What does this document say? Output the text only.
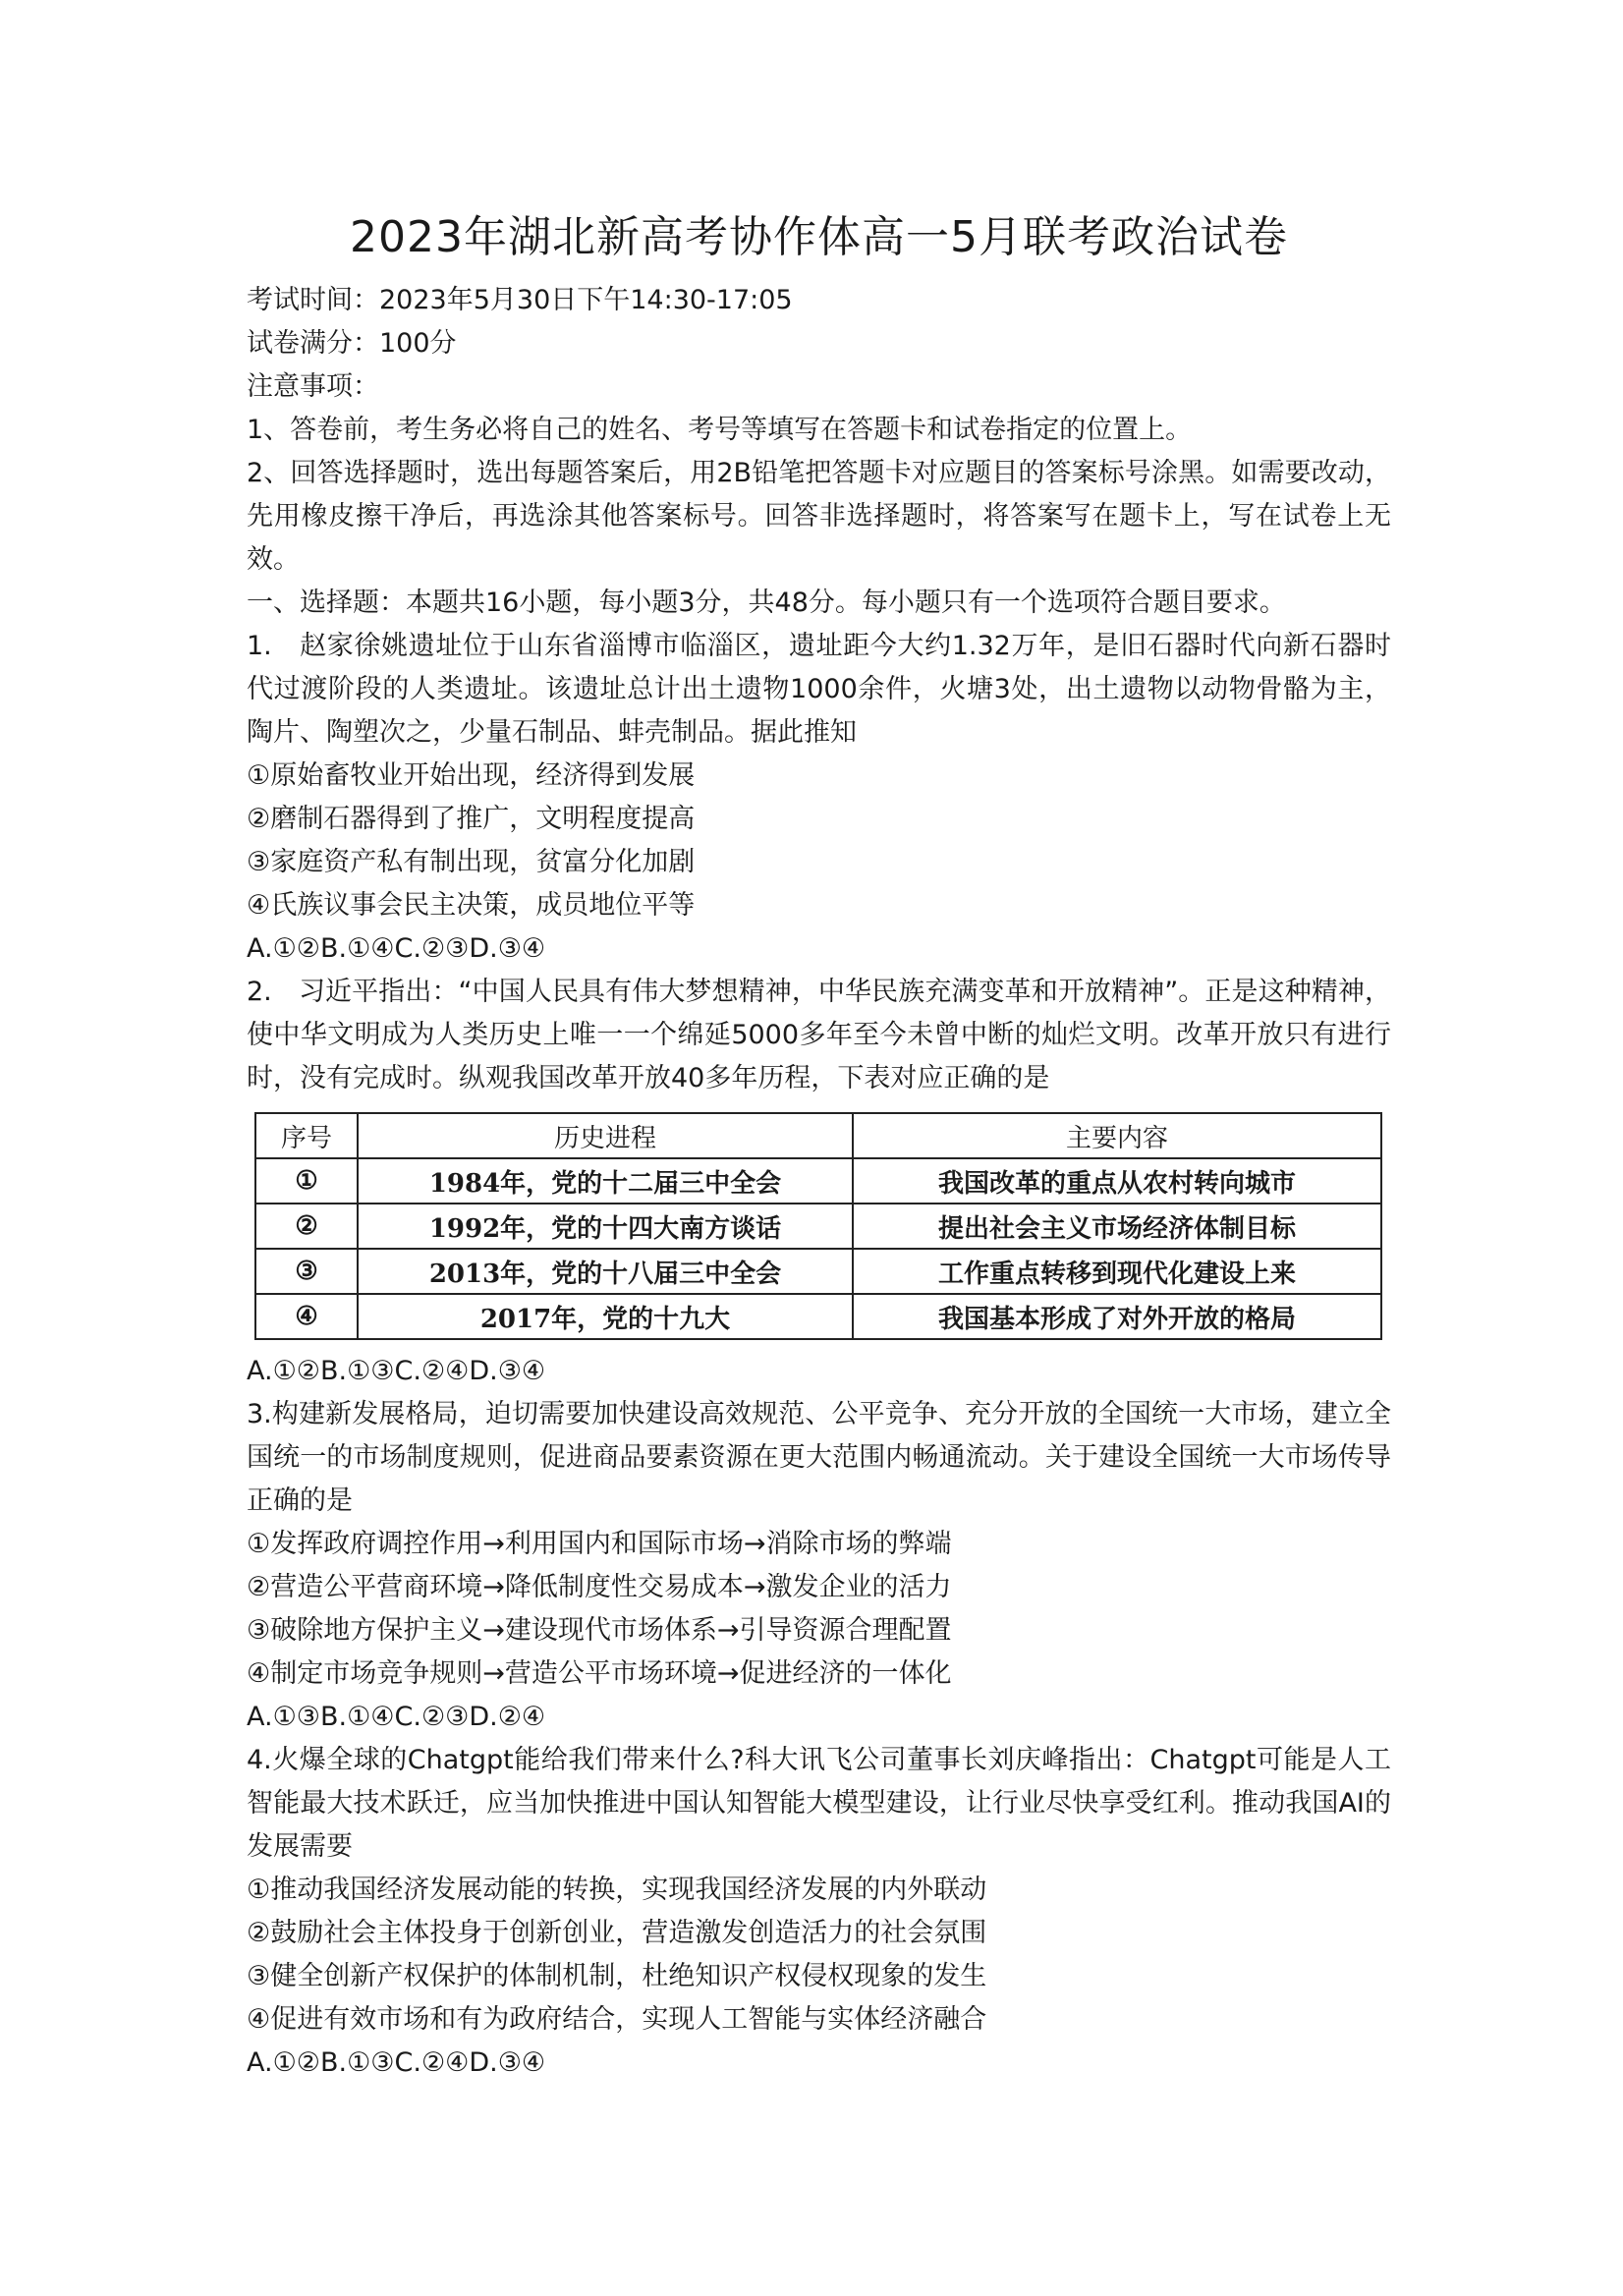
2023年湖北新高考协作体高一5月联考政治试卷

考试时间：2023年5月30日下午14:30-17:05

试卷满分：100分

注意事项：

1、答卷前，考生务必将自己的姓名、考号等填写在答题卡和试卷指定的位置上。

2、回答选择题时，选出每题答案后，用2B铅笔把答题卡对应题目的答案标号涂黑。如需要改动，先用橡皮擦干净后，再选涂其他答案标号。回答非选择题时，将答案写在题卡上，写在试卷上无效。

一、选择题：本题共16小题，每小题3分，共48分。每小题只有一个选项符合题目要求。

1.　赵家徐姚遗址位于山东省淄博市临淄区，遗址距今大约1.32万年，是旧石器时代向新石器时代过渡阶段的人类遗址。该遗址总计出土遗物1000余件，火塘3处，出土遗物以动物骨骼为主，陶片、陶塑次之，少量石制品、蚌壳制品。据此推知

①原始畜牧业开始出现，经济得到发展

②磨制石器得到了推广，文明程度提高

③家庭资产私有制出现，贫富分化加剧

④氏族议事会民主决策，成员地位平等

A.①②B.①④C.②③D.③④

2.　习近平指出：“中国人民具有伟大梦想精神，中华民族充满变革和开放精神”。正是这种精神，使中华文明成为人类历史上唯一一个绵延5000多年至今未曾中断的灿烂文明。改革开放只有进行时，没有完成时。纵观我国改革开放40多年历程，下表对应正确的是

序号	历史进程	主要内容
①	1984年，党的十二届三中全会	我国改革的重点从农村转向城市
②	1992年，党的十四大南方谈话	提出社会主义市场经济体制目标
③	2013年，党的十八届三中全会	工作重点转移到现代化建设上来
④	2017年，党的十九大	我国基本形成了对外开放的格局

A.①②B.①③C.②④D.③④

3.构建新发展格局，迫切需要加快建设高效规范、公平竞争、充分开放的全国统一大市场，建立全国统一的市场制度规则，促进商品要素资源在更大范围内畅通流动。关于建设全国统一大市场传导正确的是

①发挥政府调控作用→利用国内和国际市场→消除市场的弊端

②营造公平营商环境→降低制度性交易成本→激发企业的活力

③破除地方保护主义→建设现代市场体系→引导资源合理配置

④制定市场竞争规则→营造公平市场环境→促进经济的一体化

A.①③B.①④C.②③D.②④

4.火爆全球的Chatgpt能给我们带来什么?科大讯飞公司董事长刘庆峰指出：Chatgpt可能是人工智能最大技术跃迁，应当加快推进中国认知智能大模型建设，让行业尽快享受红利。推动我国AI的发展需要

①推动我国经济发展动能的转换，实现我国经济发展的内外联动

②鼓励社会主体投身于创新创业，营造激发创造活力的社会氛围

③健全创新产权保护的体制机制，杜绝知识产权侵权现象的发生

④促进有效市场和有为政府结合，实现人工智能与实体经济融合

A.①②B.①③C.②④D.③④
